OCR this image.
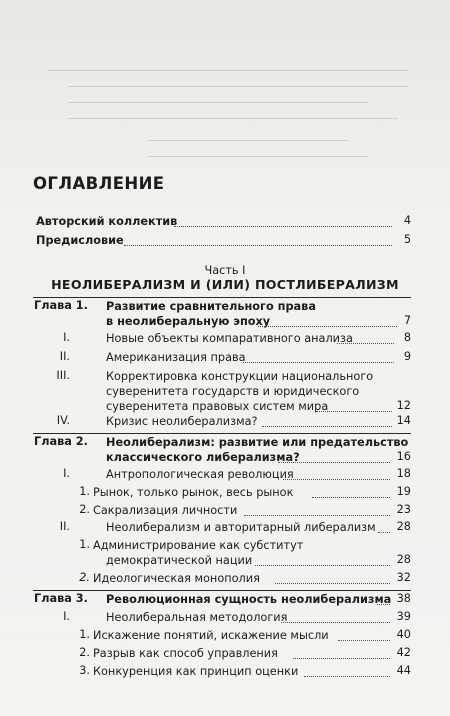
ОГЛАВЛЕНИЕ
Авторский коллектив	4
Предисловие	5
Часть I
НЕОЛИБЕРАЛИЗМ И (ИЛИ) ПОСТЛИБЕРАЛИЗМ
Глава 1. Развитие сравнительного права
в неолиберальную эпоху	7
I.	Новые объекты компаративного анализа	8
II.	Американизация права	9
III.	Корректировка конструкции национального
суверенитета государств и юридического
суверенитета правовых систем мира	12
IV.	Кризис неолиберализма?	14
Глава 2. Неолиберализм: развитие или предательство
классического либерализма?	16
I.	Антропологическая революция	18
1. Рынок, только рынок, весь рынок	19
2. Сакрализация личности	23
II.	Неолиберализм и авторитарный либерализм	28
1. Администрирование как субститут
демократической нации	28
2. Идеологическая монополия	32
Глава 3. Революционная сущность неолиберализма 38
I.	Неолиберальная методология	39
1. Искажение понятий, искажение мысли	40
2. Разрыв как способ управления	42
3. Конкуренция как принцип оценки	44
